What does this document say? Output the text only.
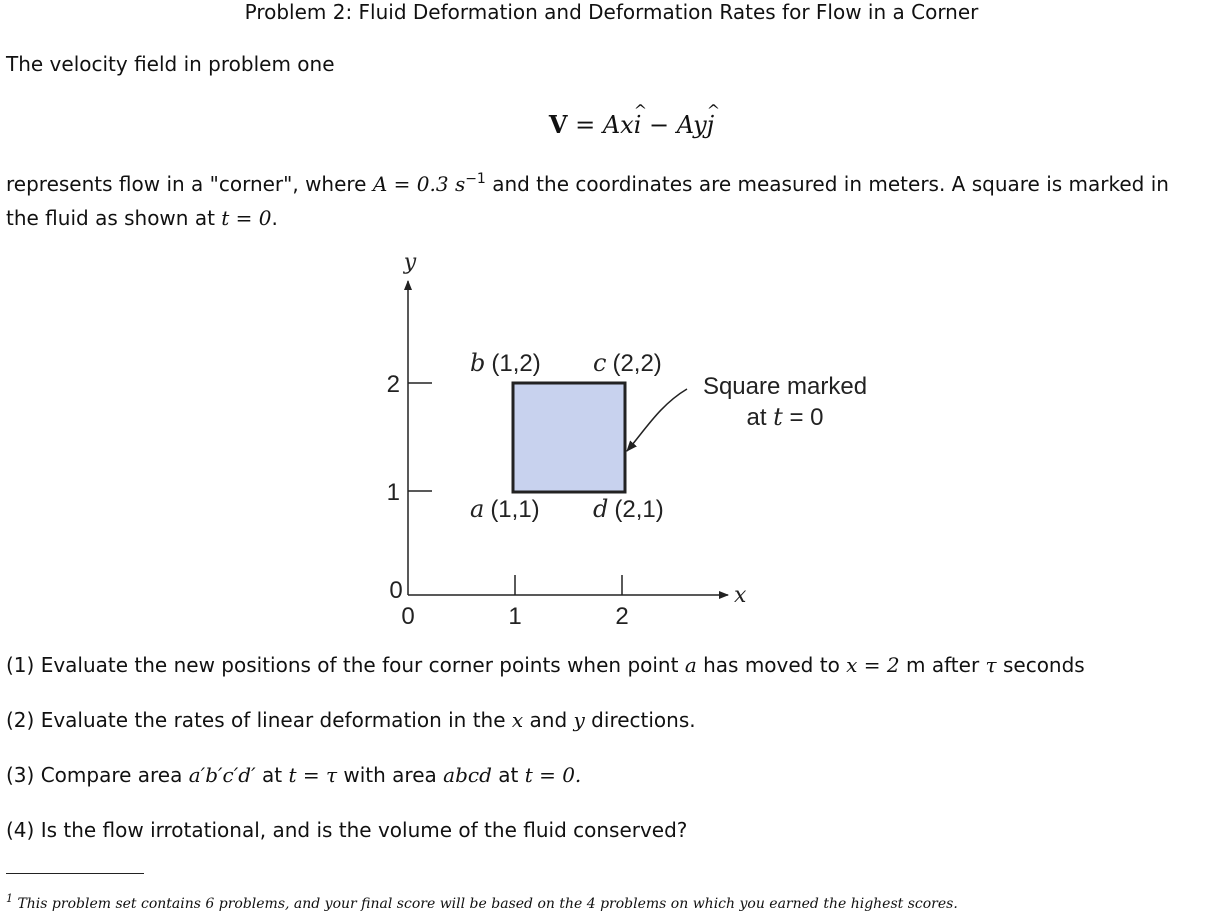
Problem 2: Fluid Deformation and Deformation Rates for Flow in a Corner
The velocity field in problem one
V = Ax^ i − Ay^ j
represents flow in a "corner", where A = 0.3 $s^{-1}$ and the coordinates are measured in meters. A square is marked in
the fluid as shown at t = 0.
y
x
2
1
0
0	1	2
b (1,2) c (2,2)
a (1,1) d (2,1)
Square marked
at t = 0
(1) Evaluate the new positions of the four corner points when point a has moved to x = 2 m after τ seconds
(2) Evaluate the rates of linear deformation in the x and y directions.
(3) Compare area a′b′c′d′ at t = τ with area abcd at t = 0.
(4) Is the flow irrotational, and is the volume of the fluid conserved?
$^1$ This problem set contains 6 problems, and your final score will be based on the 4 problems on which you earned the highest scores.
